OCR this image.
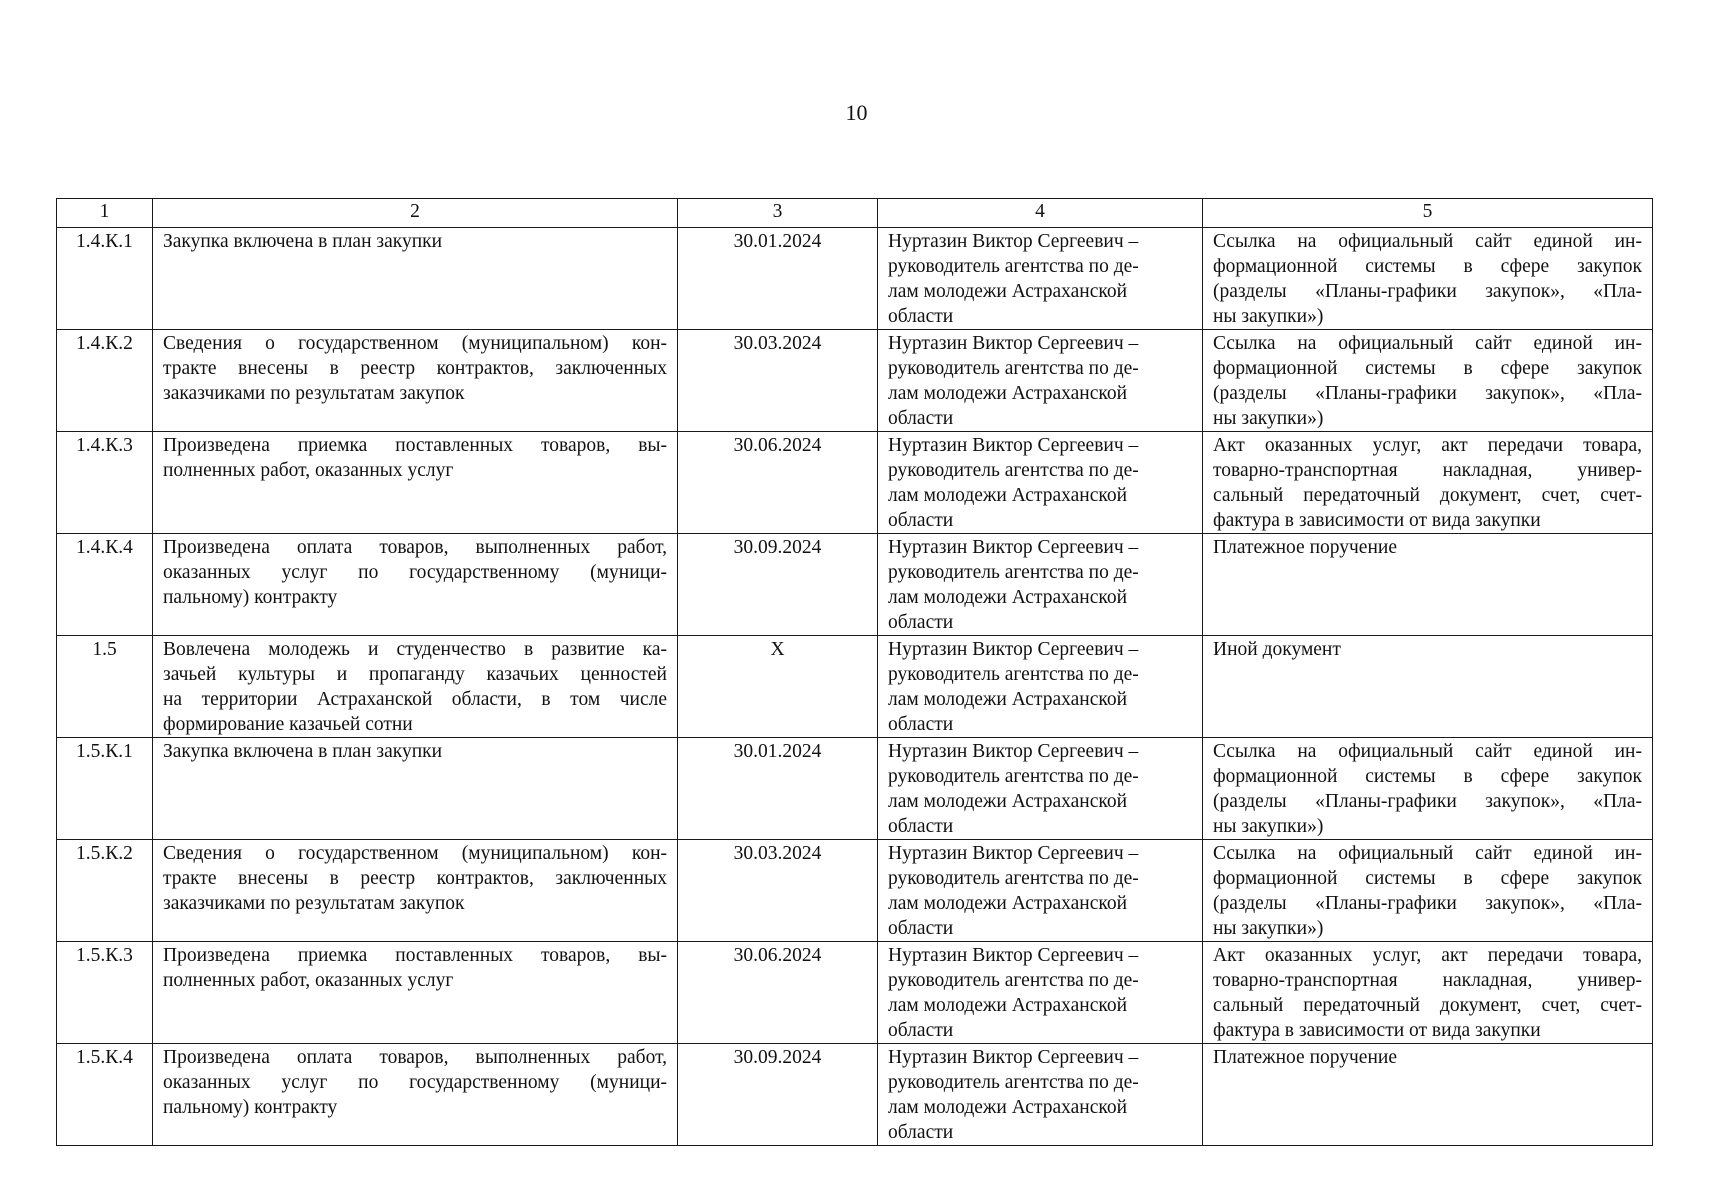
10
1	2	3	4	5
1.4.К.1	Закупка включена в план закупки	30.01.2024	Нуртазин Виктор Сергеевич –
руководитель агентства по де-
лам молодежи Астраханской
области	Ссылка на официальный сайт единой ин-
формационной системы в сфере закупок
(разделы «Планы-графики закупок», «Пла-
ны закупки»)

1.4.К.2	Сведения о государственном (муниципальном) кон-
тракте внесены в реестр контрактов, заключенных
заказчиками по результатам закупок	30.03.2024	Нуртазин Виктор Сергеевич –
руководитель агентства по де-
лам молодежи Астраханской
области	Ссылка на официальный сайт единой ин-
формационной системы в сфере закупок
(разделы «Планы-графики закупок», «Пла-
ны закупки»)

1.4.К.3	Произведена приемка поставленных товаров, вы-
полненных работ, оказанных услуг	30.06.2024	Нуртазин Виктор Сергеевич –
руководитель агентства по де-
лам молодежи Астраханской
области	Акт оказанных услуг, акт передачи товара,
товарно-транспортная накладная, универ-
сальный передаточный документ, счет, счет-
фактура в зависимости от вида закупки

1.4.К.4	Произведена оплата товаров, выполненных работ,
оказанных услуг по государственному (муници-
пальному) контракту	30.09.2024	Нуртазин Виктор Сергеевич –
руководитель агентства по де-
лам молодежи Астраханской
области	Платежное поручение

1.5	Вовлечена молодежь и студенчество в развитие ка-
зачьей культуры и пропаганду казачьих ценностей
на территории Астраханской области, в том числе
формирование казачьей сотни	X	Нуртазин Виктор Сергеевич –
руководитель агентства по де-
лам молодежи Астраханской
области	Иной документ

1.5.К.1	Закупка включена в план закупки	30.01.2024	Нуртазин Виктор Сергеевич –
руководитель агентства по де-
лам молодежи Астраханской
области	Ссылка на официальный сайт единой ин-
формационной системы в сфере закупок
(разделы «Планы-графики закупок», «Пла-
ны закупки»)

1.5.К.2	Сведения о государственном (муниципальном) кон-
тракте внесены в реестр контрактов, заключенных
заказчиками по результатам закупок	30.03.2024	Нуртазин Виктор Сергеевич –
руководитель агентства по де-
лам молодежи Астраханской
области	Ссылка на официальный сайт единой ин-
формационной системы в сфере закупок
(разделы «Планы-графики закупок», «Пла-
ны закупки»)

1.5.К.3	Произведена приемка поставленных товаров, вы-
полненных работ, оказанных услуг	30.06.2024	Нуртазин Виктор Сергеевич –
руководитель агентства по де-
лам молодежи Астраханской
области	Акт оказанных услуг, акт передачи товара,
товарно-транспортная накладная, универ-
сальный передаточный документ, счет, счет-
фактура в зависимости от вида закупки

1.5.К.4	Произведена оплата товаров, выполненных работ,
оказанных услуг по государственному (муници-
пальному) контракту	30.09.2024	Нуртазин Виктор Сергеевич –
руководитель агентства по де-
лам молодежи Астраханской
области	Платежное поручение
